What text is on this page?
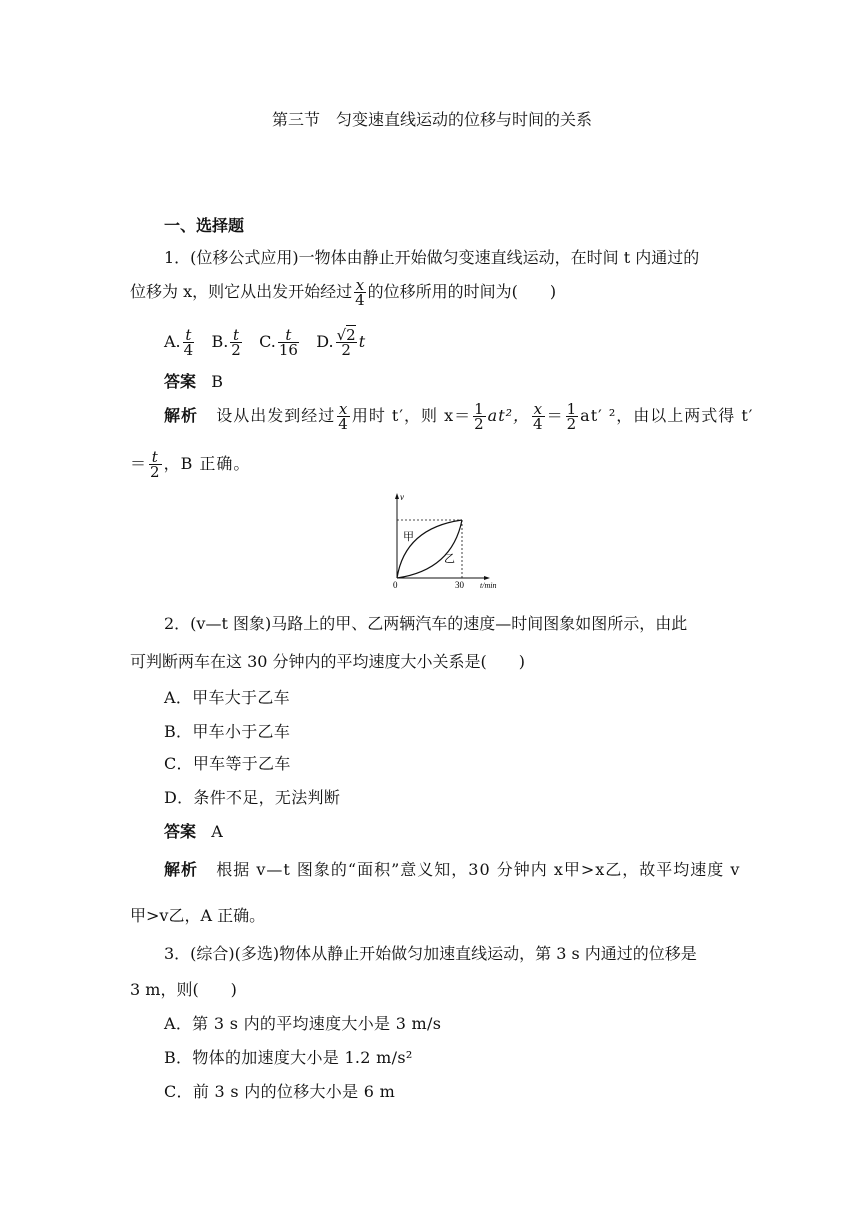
第三节　匀变速直线运动的位移与时间的关系
一、选择题
1．(位移公式应用)一物体由静止开始做匀变速直线运动，在时间 t 内通过的
位移为 x，则它从出发开始经过 $\frac{x}{4}$ 的位移所用的时间为(　　)
A. $\frac{t}{4} B$. $\frac{t}{2} C$. $\frac{t}{16} D$. $\frac{√2}{2}$ t
答案 B
解析 设从出发到经过 $\frac{x}{4}$ 用时 t′，则 $x= \frac{1}{2} at^2$， $\frac{x}{4} = \frac{1}{2} at'$ ²，由以上两式得 t′
＝ $\frac{t}{2}$ ，B 正确。
v
甲
乙
0	30 t/min
2．(v—t 图象)马路上的甲、乙两辆汽车的速度—时间图象如图所示，由此
可判断两车在这 30 分钟内的平均速度大小关系是(　　)
A．甲车大于乙车
B．甲车小于乙车
C．甲车等于乙车
D．条件不足，无法判断
答案 A
解析 根据 v—t 图象的“面积”意义知，30 分钟内 x甲>x乙，故平均速度 v
甲>v乙，A 正确。
3．(综合)(多选)物体从静止开始做匀加速直线运动，第 3 s 内通过的位移是
3 m，则(　　)
A．第 3 s 内的平均速度大小是 3 m/s
B．物体的加速度大小是 1.2 m/s²
C．前 3 s 内的位移大小是 6 m
